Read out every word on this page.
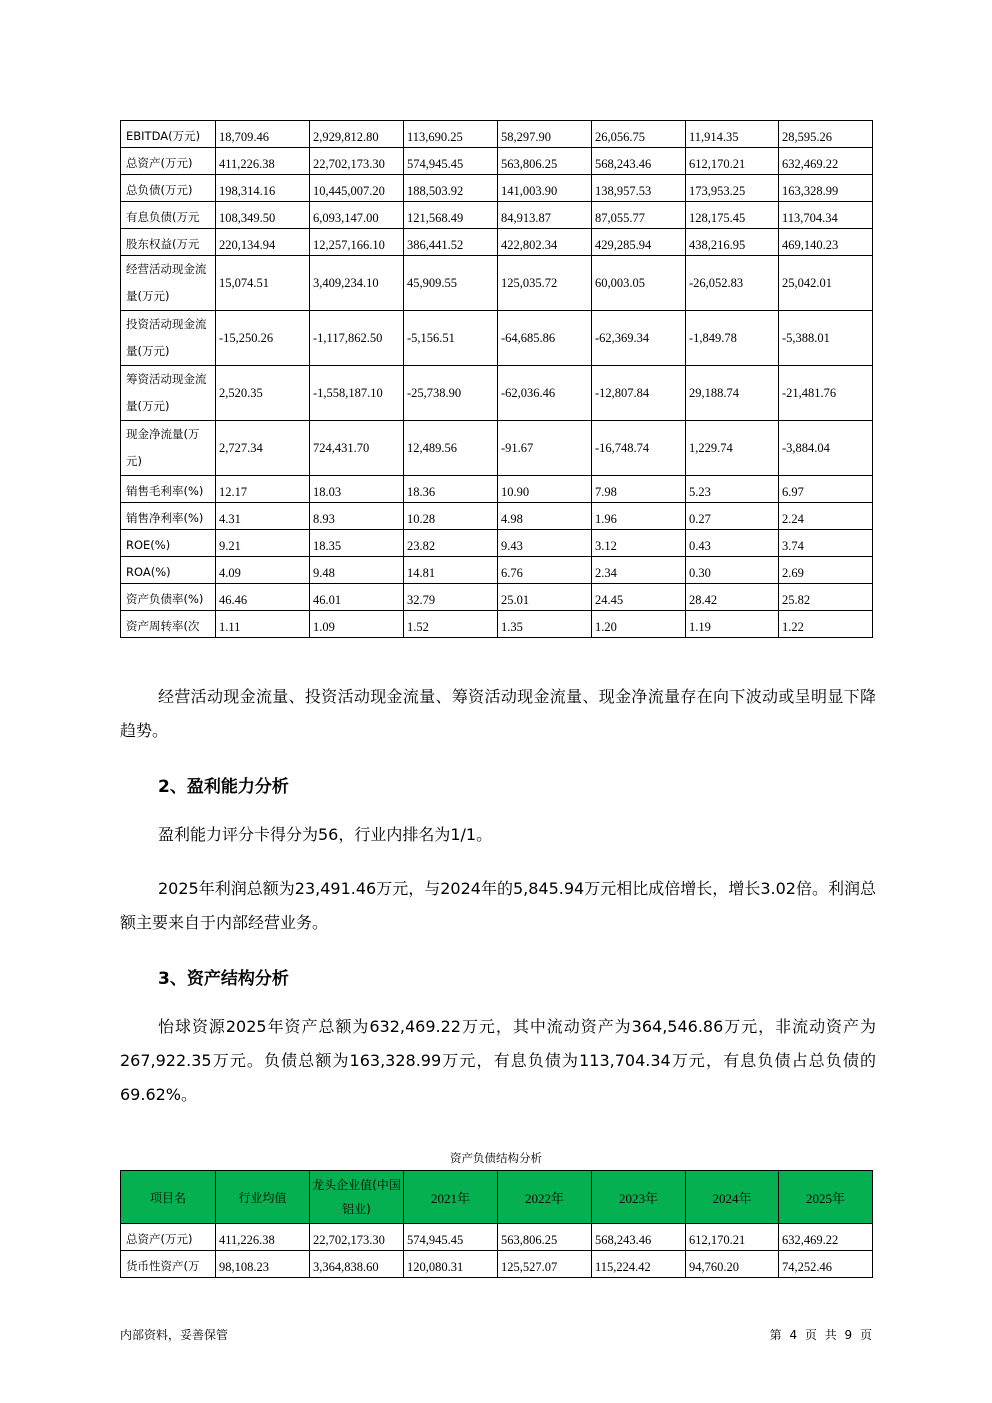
EBITDA(万元)	18,709.46	2,929,812.80	113,690.25	58,297.90	26,056.75	11,914.35	28,595.26
总资产(万元)	411,226.38	22,702,173.30	574,945.45	563,806.25	568,243.46	612,170.21	632,469.22
总负债(万元)	198,314.16	10,445,007.20	188,503.92	141,003.90	138,957.53	173,953.25	163,328.99
有息负债(万元	108,349.50	6,093,147.00	121,568.49	84,913.87	87,055.77	128,175.45	113,704.34
股东权益(万元	220,134.94	12,257,166.10	386,441.52	422,802.34	429,285.94	438,216.95	469,140.23
经营活动现金流量(万元)	15,074.51	3,409,234.10	45,909.55	125,035.72	60,003.05	-26,052.83	25,042.01
投资活动现金流量(万元)	-15,250.26	-1,117,862.50	-5,156.51	-64,685.86	-62,369.34	-1,849.78	-5,388.01
筹资活动现金流量(万元)	2,520.35	-1,558,187.10	-25,738.90	-62,036.46	-12,807.84	29,188.74	-21,481.76
现金净流量(万元)	2,727.34	724,431.70	12,489.56	-91.67	-16,748.74	1,229.74	-3,884.04
销售毛利率(%)	12.17	18.03	18.36	10.90	7.98	5.23	6.97
销售净利率(%)	4.31	8.93	10.28	4.98	1.96	0.27	2.24
ROE(%)	9.21	18.35	23.82	9.43	3.12	0.43	3.74
ROA(%)	4.09	9.48	14.81	6.76	2.34	0.30	2.69
资产负债率(%)	46.46	46.01	32.79	25.01	24.45	28.42	25.82
资产周转率(次	1.11	1.09	1.52	1.35	1.20	1.19	1.22
经营活动现金流量、投资活动现金流量、筹资活动现金流量、现金净流量存在向下波动或呈明显下降趋势。
2、盈利能力分析
盈利能力评分卡得分为56，行业内排名为1/1。
2025年利润总额为23,491.46万元，与2024年的5,845.94万元相比成倍增长，增长3.02倍。利润总额主要来自于内部经营业务。
3、资产结构分析
怡球资源2025年资产总额为632,469.22万元，其中流动资产为364,546.86万元，非流动资产为267,922.35万元。负债总额为163,328.99万元，有息负债为113,704.34万元，有息负债占总负债的69.62%。
资产负债结构分析
项目名	行业均值	龙头企业值(中国铝业)	2021年	2022年	2023年	2024年	2025年
总资产(万元)	411,226.38	22,702,173.30	574,945.45	563,806.25	568,243.46	612,170.21	632,469.22
货币性资产(万	98,108.23	3,364,838.60	120,080.31	125,527.07	115,224.42	94,760.20	74,252.46
内部资料，妥善保管	第 4 页 共 9 页
